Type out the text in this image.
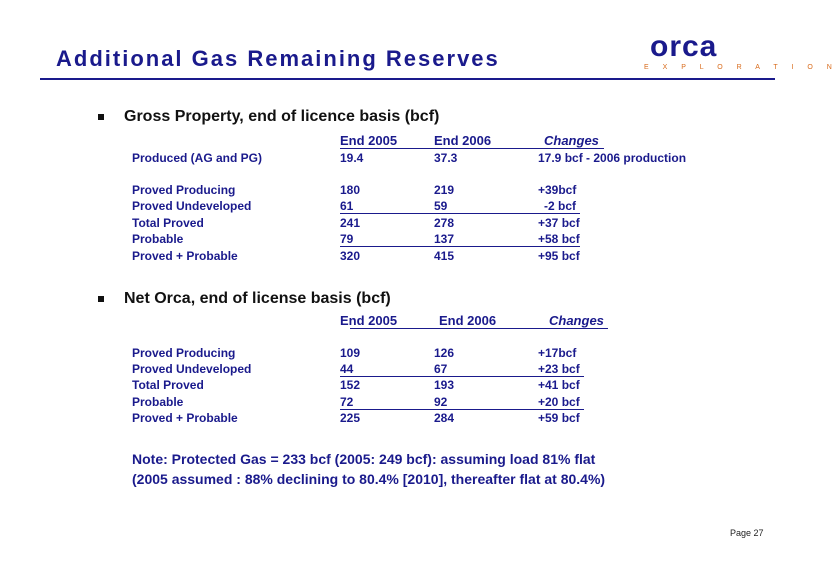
Additional Gas Remaining Reserves	orca
E X P L O R A T I O N
Gross Property, end of licence basis (bcf)
End 2005	End 2006	Changes
Produced (AG and PG)	19.4	37.3	17.9 bcf - 2006 production
Proved Producing	180	219	+39bcf
Proved Undeveloped	61	59	-2 bcf
Total Proved	241	278	+37 bcf
Probable	79	137	+58 bcf
Proved + Probable	320	415	+95 bcf
Net Orca, end of license basis (bcf)
End 2005	End 2006	Changes
Proved Producing	109	126	+17bcf
Proved Undeveloped	44	67	+23 bcf
Total Proved	152	193	+41 bcf
Probable	72	92	+20 bcf
Proved + Probable	225	284	+59 bcf
Note: Protected Gas = 233 bcf (2005: 249 bcf): assuming load 81% flat
(2005 assumed : 88% declining to 80.4% [2010], thereafter flat at 80.4%)
Page 27
